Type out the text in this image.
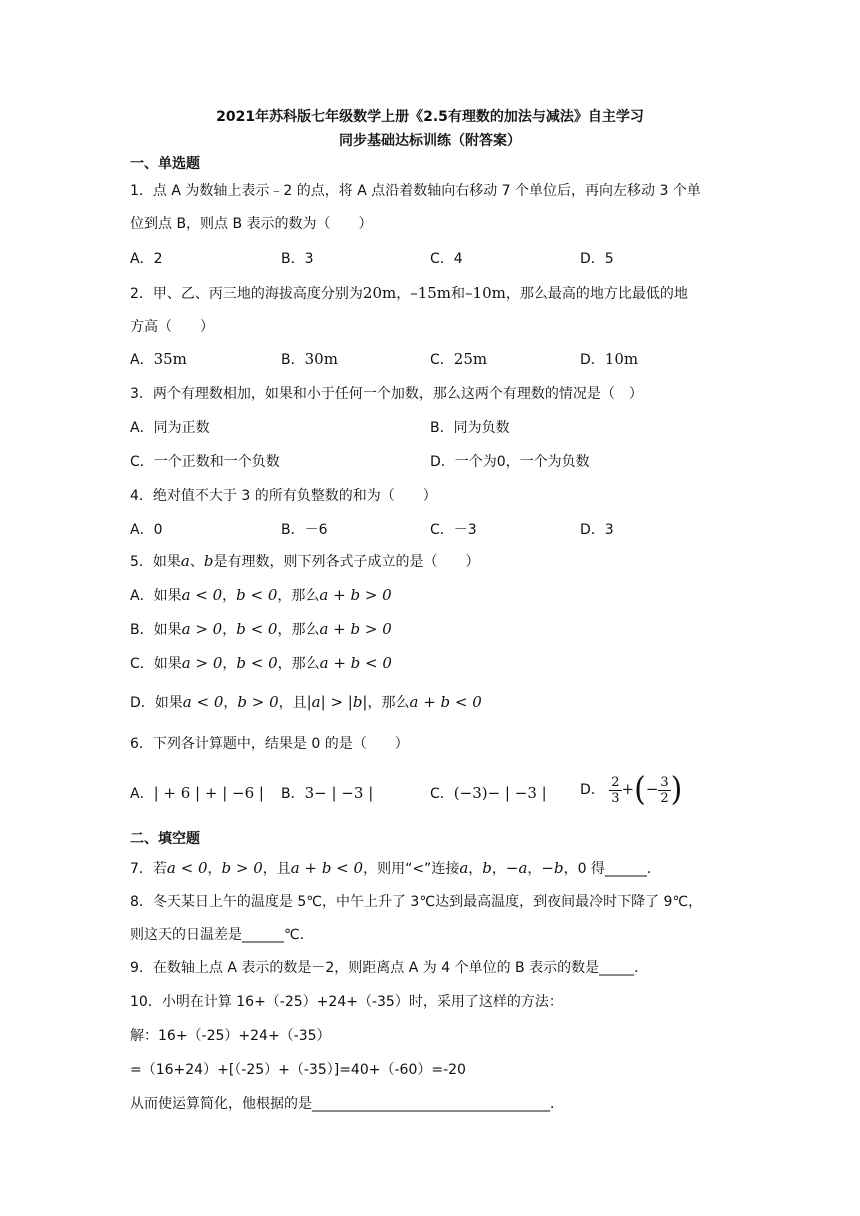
2021年苏科版七年级数学上册《2.5有理数的加法与减法》自主学习
同步基础达标训练（附答案）
一、单选题
1．点 A 为数轴上表示﹣2 的点，将 A 点沿着数轴向右移动 7 个单位后，再向左移动 3 个单
位到点 B，则点 B 表示的数为（　　）
A．2	B．3	C．4	D．5
2．甲、乙、丙三地的海拔高度分别为20m，–15m和–10m，那么最高的地方比最低的地
方高（　　）
A．35m	B．30m	C．25m	D．10m
3．两个有理数相加，如果和小于任何一个加数，那么这两个有理数的情况是（　）
A．同为正数	B．同为负数
C．一个正数和一个负数	D．一个为0，一个为负数
4．绝对值不大于 3 的所有负整数的和为（　　）
A．0	B．－6	C．－3	D．3
5．如果a、b是有理数，则下列各式子成立的是（　　）
A．如果a < 0，b < 0，那么a + b > 0
B．如果a > 0，b < 0，那么a + b > 0
C．如果a > 0，b < 0，那么a + b < 0
D．如果a < 0，b > 0，且|a| > |b|，那么a + b < 0
6．下列各计算题中，结果是 0 的是（　　）
A．| + 6 | + | −6 | B．3− | −3 |	C．(−3)− | −3 | D． $\frac{2}{3}$ +(− $\frac{3}{2}$ )
二、填空题
7．若a < 0，b > 0，且a + b < 0，则用“<”连接a，b，−a，−b，0 得______．
8．冬天某日上午的温度是 5℃，中午上升了 3℃达到最高温度，到夜间最冷时下降了 9℃，
则这天的日温差是______℃．
9．在数轴上点 A 表示的数是－2，则距离点 A 为 4 个单位的 B 表示的数是_____．
10．小明在计算 16+（-25）+24+（-35）时，采用了这样的方法：
解：16+（-25）+24+（-35）
=（16+24）+[（-25）+（-35）]=40+（-60）=-20
从而使运算简化，他根据的是__________________________________．
